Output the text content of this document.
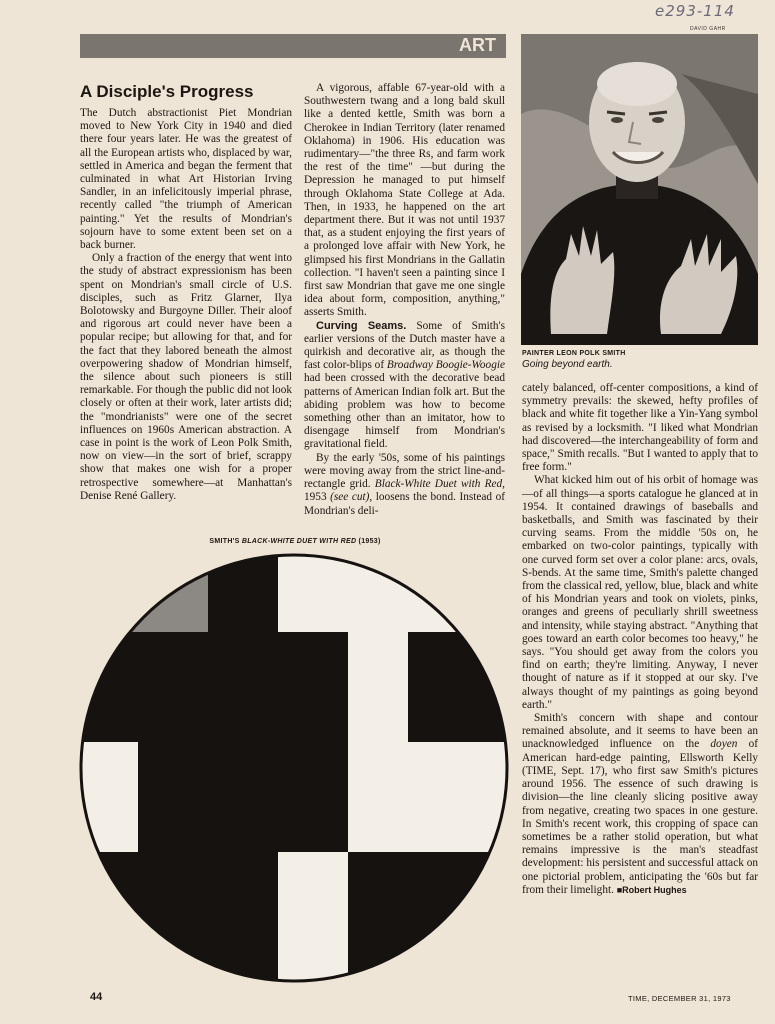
e293-114
ART
DAVID GAHR
A Disciple's Progress

The Dutch abstractionist Piet Mondrian moved to New York City in 1940 and died there four years later. He was the greatest of all the European artists who, displaced by war, settled in America and began the ferment that culminated in what Art Historian Irving Sandler, in an infelicitously imperial phrase, recently called "the triumph of American painting." Yet the results of Mondrian's sojourn have to some extent been set on a back burner.

Only a fraction of the energy that went into the study of abstract expressionism has been spent on Mondrian's small circle of U.S. disciples, such as Fritz Glarner, Ilya Bolotowsky and Burgoyne Diller. Their aloof and rigorous art could never have been a popular recipe; but allowing for that, and for the fact that they labored beneath the almost overpowering shadow of Mondrian himself, the silence about such pioneers is still remarkable. For though the public did not look closely or often at their work, later artists did; the "mondrianists" were one of the secret influences on 1960s American abstraction. A case in point is the work of Leon Polk Smith, now on view—in the sort of brief, scrappy show that makes one wish for a proper retrospective somewhere—at Manhattan's Denise René Gallery.

A vigorous, affable 67-year-old with a Southwestern twang and a long bald skull like a dented kettle, Smith was born a Cherokee in Indian Territory (later renamed Oklahoma) in 1906. His education was rudimentary—"the three Rs, and farm work the rest of the time" —but during the Depression he managed to put himself through Oklahoma State College at Ada. Then, in 1933, he happened on the art department there. But it was not until 1937 that, as a student enjoying the first years of a prolonged love affair with New York, he glimpsed his first Mondrians in the Gallatin collection. "I haven't seen a painting since I first saw Mondrian that gave me one single idea about form, composition, anything," asserts Smith.

Curving Seams. Some of Smith's earlier versions of the Dutch master have a quirkish and decorative air, as though the fast color-blips of Broadway Boogie-Woogie had been crossed with the decorative bead patterns of American Indian folk art. But the abiding problem was how to become something other than an imitator, how to disengage himself from Mondrian's gravitational field.

By the early '50s, some of his paintings were moving away from the strict line-and-rectangle grid. Black-White Duet with Red, 1953 (see cut), loosens the bond. Instead of Mondrian's deli-

PAINTER LEON POLK SMITH
Going beyond earth.

cately balanced, off-center compositions, a kind of symmetry prevails: the skewed, hefty profiles of black and white fit together like a Yin-Yang symbol as revised by a locksmith. "I liked what Mondrian had discovered—the interchangeability of form and space," Smith recalls. "But I wanted to apply that to free form."

What kicked him out of his orbit of homage was—of all things—a sports catalogue he glanced at in 1954. It contained drawings of baseballs and basketballs, and Smith was fascinated by their curving seams. From the middle '50s on, he embarked on two-color paintings, typically with one curved form set over a color plane: arcs, ovals, S-bends. At the same time, Smith's palette changed from the classical red, yellow, blue, black and white of his Mondrian years and took on violets, pinks, oranges and greens of peculiarly shrill sweetness and intensity, while staying abstract. "Anything that goes toward an earth color becomes too heavy," he says. "You should get away from the colors you find on earth; they're limiting. Anyway, I never thought of nature as if it stopped at our sky. I've always thought of my paintings as going beyond earth."

Smith's concern with shape and contour remained absolute, and it seems to have been an unacknowledged influence on the doyen of American hard-edge painting, Ellsworth Kelly (TIME, Sept. 17), who first saw Smith's pictures around 1956. The essence of such drawing is division—the line cleanly slicing positive away from negative, creating two spaces in one gesture. In Smith's recent work, this cropping of space can sometimes be a rather stolid operation, but what remains impressive is the man's steadfast development: his persistent and successful attack on one pictorial problem, anticipating the '60s but far from their limelight. ■Robert Hughes

SMITH'S BLACK-WHITE DUET WITH RED (1953)
44	TIME, DECEMBER 31, 1973
